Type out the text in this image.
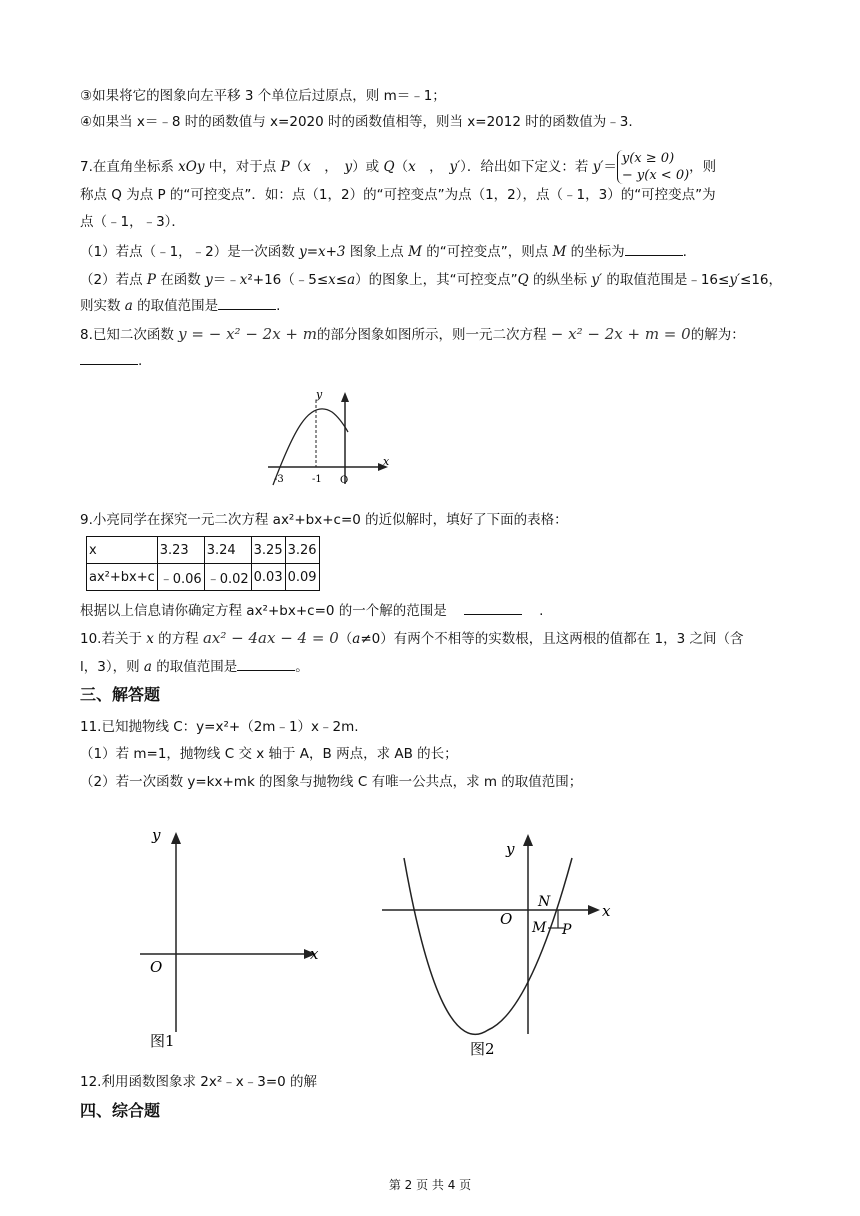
③如果将它的图象向左平移 3 个单位后过原点，则 m＝﹣1；
④如果当 x＝﹣8 时的函数值与 x=2020 时的函数值相等，则当 x=2012 时的函数值为﹣3.
7.在直角坐标系 xOy 中，对于点 P（x　，　y）或 Q（x　，　y′）．给出如下定义：若 y′＝y(x ≥ 0)
− y(x < 0)，则
称点 Q 为点 P 的“可控变点”．如：点（1，2）的“可控变点”为点（1，2），点（﹣1，3）的“可控变点”为
点（﹣1，﹣3）．
（1）若点（﹣1，﹣2）是一次函数 y=x+3 图象上点 M 的“可控变点”，则点 M 的坐标为	.
（2）若点 P 在函数 y＝﹣x²+16（﹣5≤x≤a）的图象上，其“可控变点”Q 的纵坐标 y′ 的取值范围是﹣16≤y′≤16，
则实数 a 的取值范围是	.
8.已知二次函数 y = − x² − 2x + m的部分图象如图所示，则一元二次方程 − x² − 2x + m = 0的解为：
.
x
y
-3	-1 O
9.小亮同学在探究一元二次方程 ax²+bx+c=0 的近似解时，填好了下面的表格：
x	3.23	3.24	3.25	3.26
ax²+bx+c	﹣0.06	﹣0.02	0.03	0.09
根据以上信息请你确定方程 ax²+bx+c=0 的一个解的范围是	.
10.若关于 x 的方程 ax² − 4ax − 4 = 0（a≠0）有两个不相等的实数根，且这两根的值都在 1，3 之间（含
l，3），则 a 的取值范围是	。
三、解答题
11.已知抛物线 C：y=x²+（2m﹣1）x﹣2m.
（1）若 m=1，抛物线 C 交 x 轴于 A，B 两点，求 AB 的长；
（2）若一次函数 y=kx+mk 的图象与抛物线 C 有唯一公共点，求 m 的取值范围；
y
x
O
图1
y
x
O
N
M P
图2
12.利用函数图象求 2x²﹣x﹣3=0 的解
四、综合题
第 2 页 共 4 页
